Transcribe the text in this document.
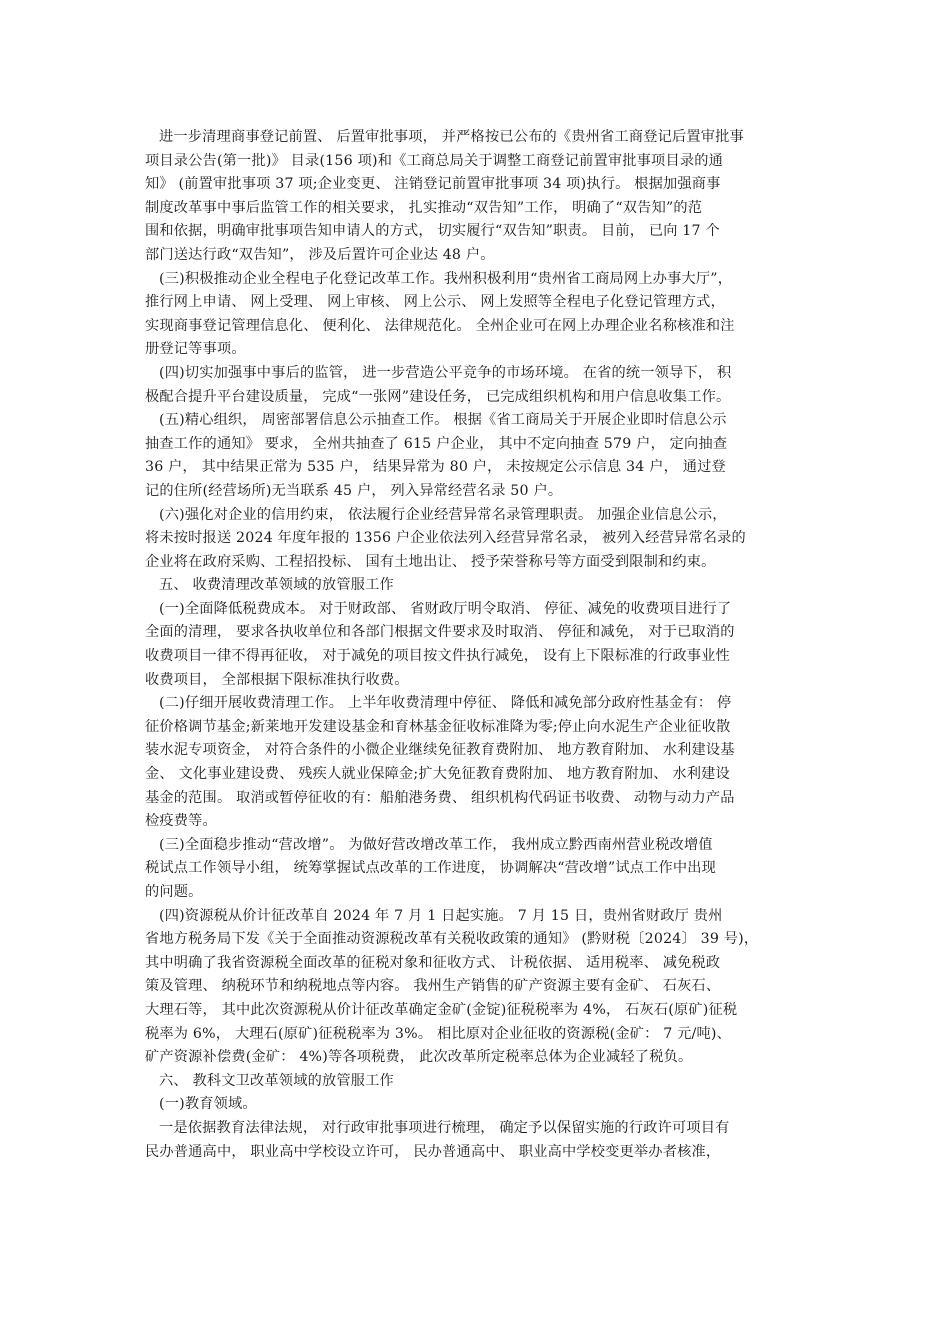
进一步清理商事登记前置、 后置审批事项， 并严格按已公布的《贵州省工商登记后置审批事
项目录公告(第一批)》 目录(156 项)和《工商总局关于调整工商登记前置审批事项目录的通
知》 (前置审批事项 37 项;企业变更、 注销登记前置审批事项 34 项)执行。 根据加强商事
制度改革事中事后监管工作的相关要求， 扎实推动“双告知”工作， 明确了“双告知”的范
围和依据，明确审批事项告知申请人的方式， 切实履行“双告知”职责。 目前， 已向 17 个
部门送达行政“双告知”， 涉及后置许可企业达 48 户。

(三)积极推动企业全程电子化登记改革工作。我州积极利用“贵州省工商局网上办事大厅”，
推行网上申请、 网上受理、 网上审核、 网上公示、 网上发照等全程电子化登记管理方式，
实现商事登记管理信息化、 便利化、 法律规范化。 全州企业可在网上办理企业名称核准和注
册登记等事项。

(四)切实加强事中事后的监管， 进一步营造公平竞争的市场环境。 在省的统一领导下， 积
极配合提升平台建设质量， 完成“一张网”建设任务， 已完成组织机构和用户信息收集工作。

(五)精心组织， 周密部署信息公示抽查工作。 根据《省工商局关于开展企业即时信息公示
抽查工作的通知》 要求， 全州共抽查了 615 户企业， 其中不定向抽查 579 户， 定向抽查
36 户， 其中结果正常为 535 户， 结果异常为 80 户， 未按规定公示信息 34 户， 通过登
记的住所(经营场所)无当联系 45 户， 列入异常经营名录 50 户。

(六)强化对企业的信用约束， 依法履行企业经营异常名录管理职责。 加强企业信息公示，
将未按时报送 2024 年度年报的 1356 户企业依法列入经营异常名录， 被列入经营异常名录的
企业将在政府采购、工程招投标、 国有土地出让、 授予荣誉称号等方面受到限制和约束。

五、 收费清理改革领域的放管服工作

(一)全面降低税费成本。 对于财政部、 省财政厅明令取消、 停征、减免的收费项目进行了
全面的清理， 要求各执收单位和各部门根据文件要求及时取消、 停征和减免， 对于已取消的
收费项目一律不得再征收， 对于减免的项目按文件执行减免， 设有上下限标准的行政事业性
收费项目， 全部根据下限标准执行收费。

(二)仔细开展收费清理工作。 上半年收费清理中停征、 降低和减免部分政府性基金有： 停
征价格调节基金;新莱地开发建设基金和育林基金征收标准降为零;停止向水泥生产企业征收散
装水泥专项资金， 对符合条件的小微企业继续免征教育费附加、 地方教育附加、 水利建设基
金、 文化事业建设费、 残疾人就业保障金;扩大免征教育费附加、 地方教育附加、 水利建设
基金的范围。 取消或暂停征收的有：船舶港务费、 组织机构代码证书收费、 动物与动力产品
检疫费等。

(三)全面稳步推动“营改增”。 为做好营改增改革工作， 我州成立黔西南州营业税改增值
税试点工作领导小组， 统筹掌握试点改革的工作进度， 协调解决“营改增”试点工作中出现
的问题。

(四)资源税从价计征改革自 2024 年 7 月 1 日起实施。 7 月 15 日，贵州省财政厅 贵州
省地方税务局下发《关于全面推动资源税改革有关税收政策的通知》 (黔财税〔2024〕 39 号)，
其中明确了我省资源税全面改革的征税对象和征收方式、 计税依据、 适用税率、 减免税政
策及管理、 纳税环节和纳税地点等内容。 我州生产销售的矿产资源主要有金矿、 石灰石、
大理石等， 其中此次资源税从价计征改革确定金矿(金锭)征税税率为 4%， 石灰石(原矿)征税
税率为 6%， 大理石(原矿)征税税率为 3%。 相比原对企业征收的资源税(金矿： 7 元/吨)、
矿产资源补偿费(金矿： 4%)等各项税费， 此次改革所定税率总体为企业减轻了税负。

六、 教科文卫改革领域的放管服工作

(一)教育领域。

一是依据教育法律法规， 对行政审批事项进行梳理， 确定予以保留实施的行政许可项目有
民办普通高中， 职业高中学校设立许可， 民办普通高中、 职业高中学校变更举办者核准，
